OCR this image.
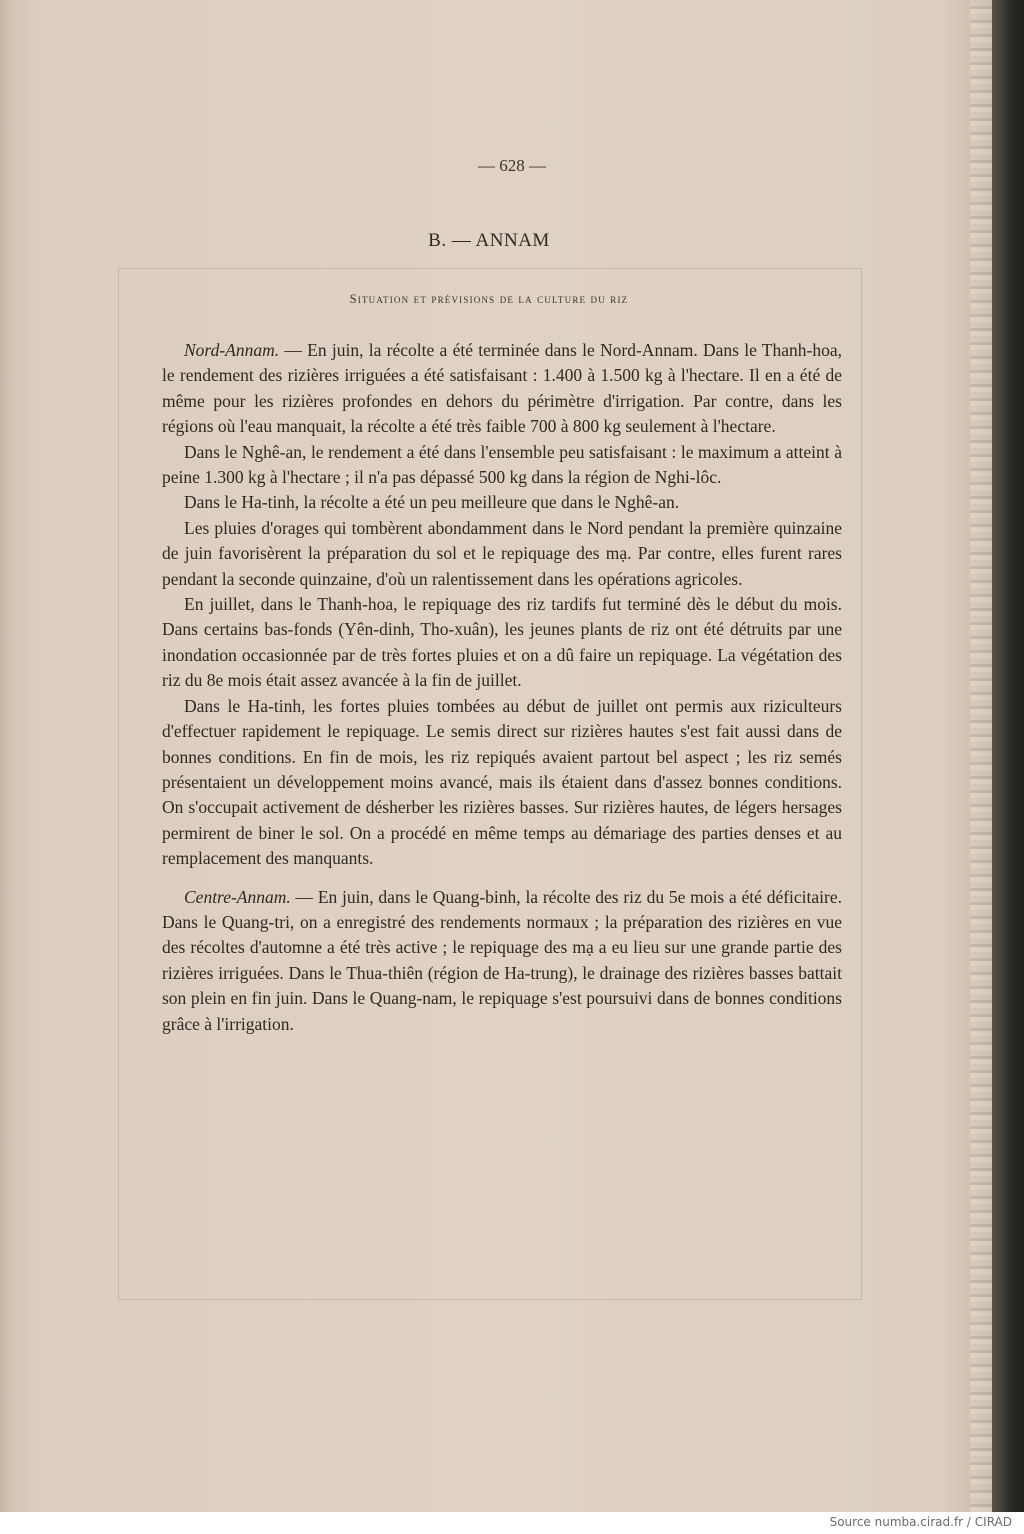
— 628 —
B. — ANNAM
Situation et prévisions de la culture du riz

Nord-Annam. — En juin, la récolte a été terminée dans le Nord-Annam. Dans le Thanh-hoa, le rendement des rizières irriguées a été satisfaisant : 1.400 à 1.500 kg à l'hectare. Il en a été de même pour les rizières profondes en dehors du périmètre d'irrigation. Par contre, dans les régions où l'eau manquait, la récolte a été très faible 700 à 800 kg seulement à l'hectare.

Dans le Nghê-an, le rendement a été dans l'ensemble peu satisfaisant : le maximum a atteint à peine 1.300 kg à l'hectare ; il n'a pas dépassé 500 kg dans la région de Nghi-lôc.

Dans le Ha-tinh, la récolte a été un peu meilleure que dans le Nghê-an.

Les pluies d'orages qui tombèrent abondamment dans le Nord pendant la première quinzaine de juin favorisèrent la préparation du sol et le repiquage des mạ. Par contre, elles furent rares pendant la seconde quinzaine, d'où un ralentissement dans les opérations agricoles.

En juillet, dans le Thanh-hoa, le repiquage des riz tardifs fut terminé dès le début du mois. Dans certains bas-fonds (Yên-dinh, Tho-xuân), les jeunes plants de riz ont été détruits par une inondation occasionnée par de très fortes pluies et on a dû faire un repiquage. La végétation des riz du 8e mois était assez avancée à la fin de juillet.

Dans le Ha-tinh, les fortes pluies tombées au début de juillet ont permis aux riziculteurs d'effectuer rapidement le repiquage. Le semis direct sur rizières hautes s'est fait aussi dans de bonnes conditions. En fin de mois, les riz repiqués avaient partout bel aspect ; les riz semés présentaient un développement moins avancé, mais ils étaient dans d'assez bonnes conditions. On s'occupait activement de désherber les rizières basses. Sur rizières hautes, de légers hersages permirent de biner le sol. On a procédé en même temps au démariage des parties denses et au remplacement des manquants.

Centre-Annam. — En juin, dans le Quang-binh, la récolte des riz du 5e mois a été déficitaire. Dans le Quang-tri, on a enregistré des rendements normaux ; la préparation des rizières en vue des récoltes d'automne a été très active ; le repiquage des mạ a eu lieu sur une grande partie des rizières irriguées. Dans le Thua-thiên (région de Ha-trung), le drainage des rizières basses battait son plein en fin juin. Dans le Quang-nam, le repiquage s'est poursuivi dans de bonnes conditions grâce à l'irrigation.

Source numba.cirad.fr / CIRAD
